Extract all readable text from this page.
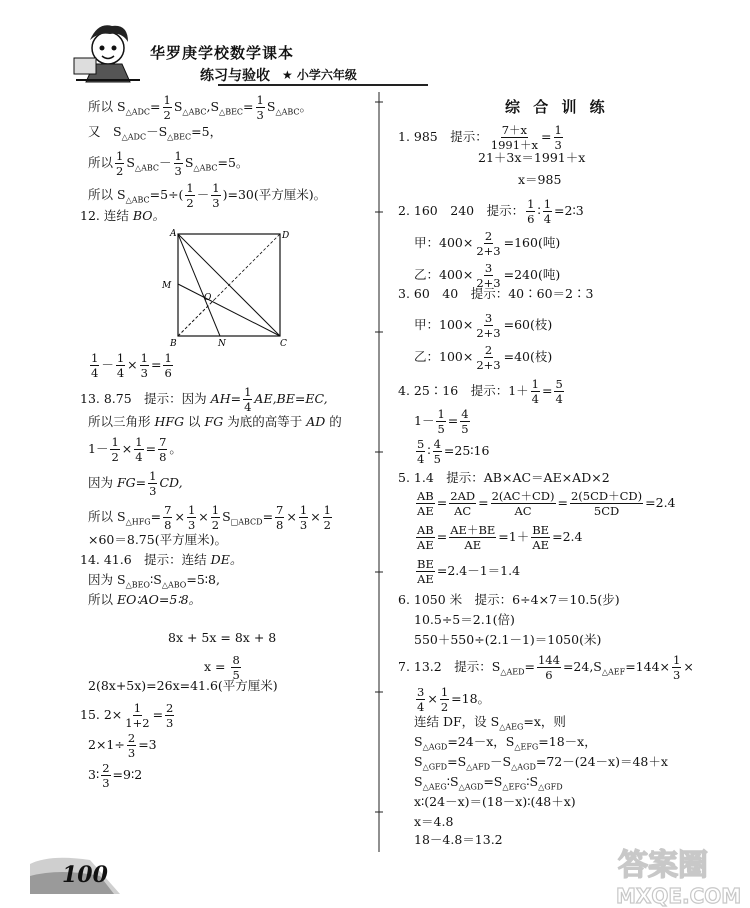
华罗庚学校数学课本
练习与验收 ★ 小学六年级
所以 $S_{\triangle ADC}= \frac{1}{2} S_{\triangle ABC},S_{\triangle BEC}= \frac{1}{3} S_{\triangle ABC}$。
又　$S_{\triangle ADC}-S_{\triangle BEC}=5$，
所以 $\frac{1}{2} S_{\triangle ABC}- \frac{1}{3} S_{\triangle ABC}=5$。
所以 $S_{\triangle ABC}=5\div( \frac{1}{2} - \frac{1}{3} )=30$(平方厘米)。
12. 连结 BO。
$\frac{1}{4} - \frac{1}{4} \times \frac{1}{3} = \frac{1}{6}$
13. 8.75　提示：因为 $AH= \frac{1}{4} AE,BE=EC$,
所以三角形 HFG 以 FG 为底的高等于 AD 的
$1- \frac{1}{2} \times \frac{1}{4} = \frac{7}{8}$ 。
因为 $FG= \frac{1}{3}$ CD,
所以 $S_{\triangle HFG}= \frac{7}{8} \times \frac{1}{3} \times \frac{1}{2} S_{□ABCD}= \frac{7}{8} \times \frac{1}{3} \times \frac{1}{2}$
×60＝8.75(平方厘米)。
14. 41.6　提示：连结 DE。
因为 $S_{\triangle BEO}∶S_{\triangle ABO}=5∶8$,
所以 EO∶AO=5∶8。
8x + 5x = 8x + 8
$x = \frac{8}{5}$
2(8x+5x)=26x=41.6(平方厘米)
15. $2\times \frac{1}{1+2} = \frac{2}{3}$
$2\times 1\div \frac{2}{3} =3$
3∶ $\frac{2}{3}$ =9∶2
A	D
M
O
B	N	C
综 合 训 练
1. 985　提示： $\frac{7+x}{1991+x} = \frac{1}{3}$
21＋3x＝1991＋x
x＝985
2. 160　240　提示： $\frac{1}{6}$ ∶ $\frac{1}{4}$ =2∶3
甲：$400\times \frac{2}{2+3} =160$(吨)
乙：$400\times \frac{3}{2+3} =240$(吨)
3. 60　40　提示：40∶60＝2∶3
甲：$100\times \frac{3}{2+3} =60$(枝)
乙：$100\times \frac{2}{2+3} =40$(枝)
4. 25∶16　提示：$1+ \frac{1}{4} = \frac{5}{4}$
$1- \frac{1}{5} = \frac{4}{5}$
$\frac{5}{4}$ ∶ $\frac{4}{5}$ =25∶16
5. 1.4　提示：AB×AC＝AE×AD×2
$\frac{AB}{AE} = \frac{2AD}{AC} = \frac{2(AC+CD)}{AC} = \frac{2(5CD+CD)}{5CD} =2.4$
$\frac{AB}{AE} = \frac{AE+BE}{AE} =1+ \frac{BE}{AE} =2.4$
$\frac{BE}{AE} =2.4-1=1.4$
6. 1050 米　提示：6÷4×7＝10.5(步)
10.5÷5＝2.1(倍)
550＋550÷(2.1－1)＝1050(米)
7. 13.2　提示：$S_{\triangle AED}= \frac{144}{6} =24,S_{\triangle AEF}=144\times \frac{1}{3}$ ×
$\frac{3}{4} \times \frac{1}{2} =18$。
连结 DF，设 $S_{\triangle AEG}=x$，则
$S_{\triangle AGD}=24-x$，$S_{\triangle EFG}=18-x$，
$S_{\triangle GFD}=S_{\triangle AFD}-S_{\triangle AGD}=72-(24-x)=48+x$
$S_{\triangle AEG}∶S_{\triangle AGD}=S_{\triangle EFG}∶S_{\triangle GFD}$
x∶(24－x)＝(18－x)∶(48＋x)
x＝4.8
18－4.8＝13.2
100	答案圈
MXQE.COM
